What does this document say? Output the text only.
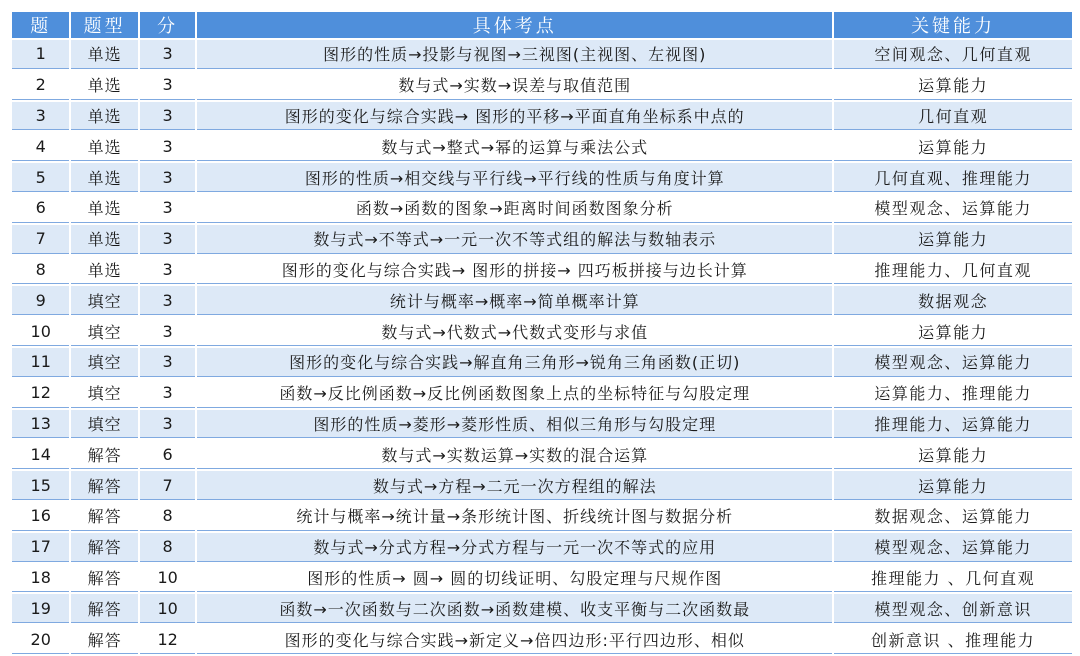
题	题型	分	具体考点	关键能力
1	单选	3	图形的性质→投影与视图→三视图(主视图、左视图)	空间观念、几何直观
2	单选	3	数与式→实数→误差与取值范围	运算能力
3	单选	3	图形的变化与综合实践→ 图形的平移→平面直角坐标系中点的	几何直观
4	单选	3	数与式→整式→幂的运算与乘法公式	运算能力
5	单选	3	图形的性质→相交线与平行线→平行线的性质与角度计算	几何直观、推理能力
6	单选	3	函数→函数的图象→距离时间函数图象分析	模型观念、运算能力
7	单选	3	数与式→不等式→一元一次不等式组的解法与数轴表示	运算能力
8	单选	3	图形的变化与综合实践→ 图形的拼接→ 四巧板拼接与边长计算	推理能力、几何直观
9	填空	3	统计与概率→概率→简单概率计算	数据观念
10	填空	3	数与式→代数式→代数式变形与求值	运算能力
11	填空	3	图形的变化与综合实践→解直角三角形→锐角三角函数(正切)	模型观念、运算能力
12	填空	3	函数→反比例函数→反比例函数图象上点的坐标特征与勾股定理	运算能力、推理能力
13	填空	3	图形的性质→菱形→菱形性质、相似三角形与勾股定理	推理能力、运算能力
14	解答	6	数与式→实数运算→实数的混合运算	运算能力
15	解答	7	数与式→方程→二元一次方程组的解法	运算能力
16	解答	8	统计与概率→统计量→条形统计图、折线统计图与数据分析	数据观念、运算能力
17	解答	8	数与式→分式方程→分式方程与一元一次不等式的应用	模型观念、运算能力
18	解答	10	图形的性质→ 圆→ 圆的切线证明、勾股定理与尺规作图	推理能力 、几何直观
19	解答	10	函数→一次函数与二次函数→函数建模、收支平衡与二次函数最	模型观念、创新意识
20	解答	12	图形的变化与综合实践→新定义→倍四边形:平行四边形、相似	创新意识 、推理能力
